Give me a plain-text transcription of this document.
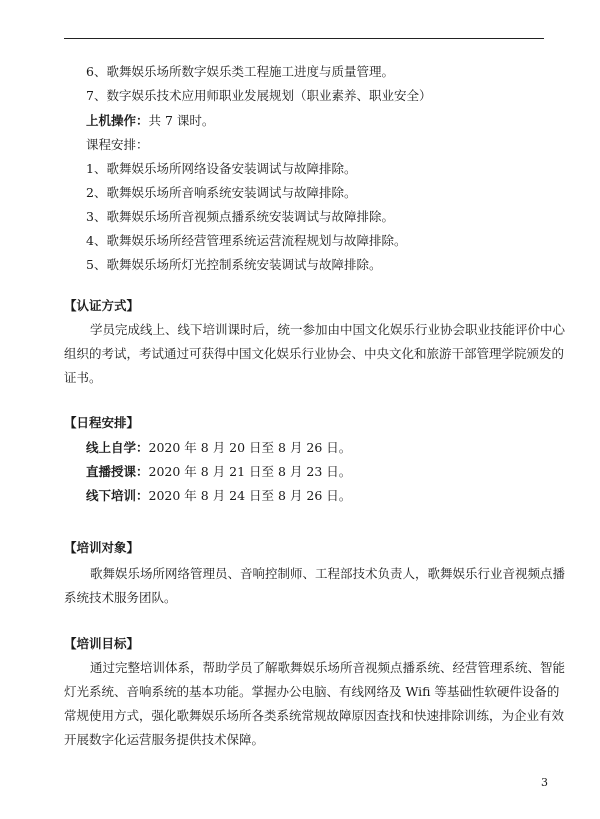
6、歌舞娱乐场所数字娱乐类工程施工进度与质量管理。
7、数字娱乐技术应用师职业发展规划（职业素养、职业安全）
上机操作：共 7 课时。
课程安排：
1、歌舞娱乐场所网络设备安装调试与故障排除。
2、歌舞娱乐场所音响系统安装调试与故障排除。
3、歌舞娱乐场所音视频点播系统安装调试与故障排除。
4、歌舞娱乐场所经营管理系统运营流程规划与故障排除。
5、歌舞娱乐场所灯光控制系统安装调试与故障排除。
【认证方式】
学员完成线上、线下培训课时后，统一参加由中国文化娱乐行业协会职业技能评价中心
组织的考试，考试通过可获得中国文化娱乐行业协会、中央文化和旅游干部管理学院颁发的
证书。
【日程安排】
线上自学：2020 年 8 月 20 日至 8 月 26 日。
直播授课：2020 年 8 月 21 日至 8 月 23 日。
线下培训：2020 年 8 月 24 日至 8 月 26 日。
【培训对象】
歌舞娱乐场所网络管理员、音响控制师、工程部技术负责人，歌舞娱乐行业音视频点播
系统技术服务团队。
【培训目标】
通过完整培训体系，帮助学员了解歌舞娱乐场所音视频点播系统、经营管理系统、智能
灯光系统、音响系统的基本功能。掌握办公电脑、有线网络及 Wifi 等基础性软硬件设备的
常规使用方式，强化歌舞娱乐场所各类系统常规故障原因查找和快速排除训练，为企业有效
开展数字化运营服务提供技术保障。
3
